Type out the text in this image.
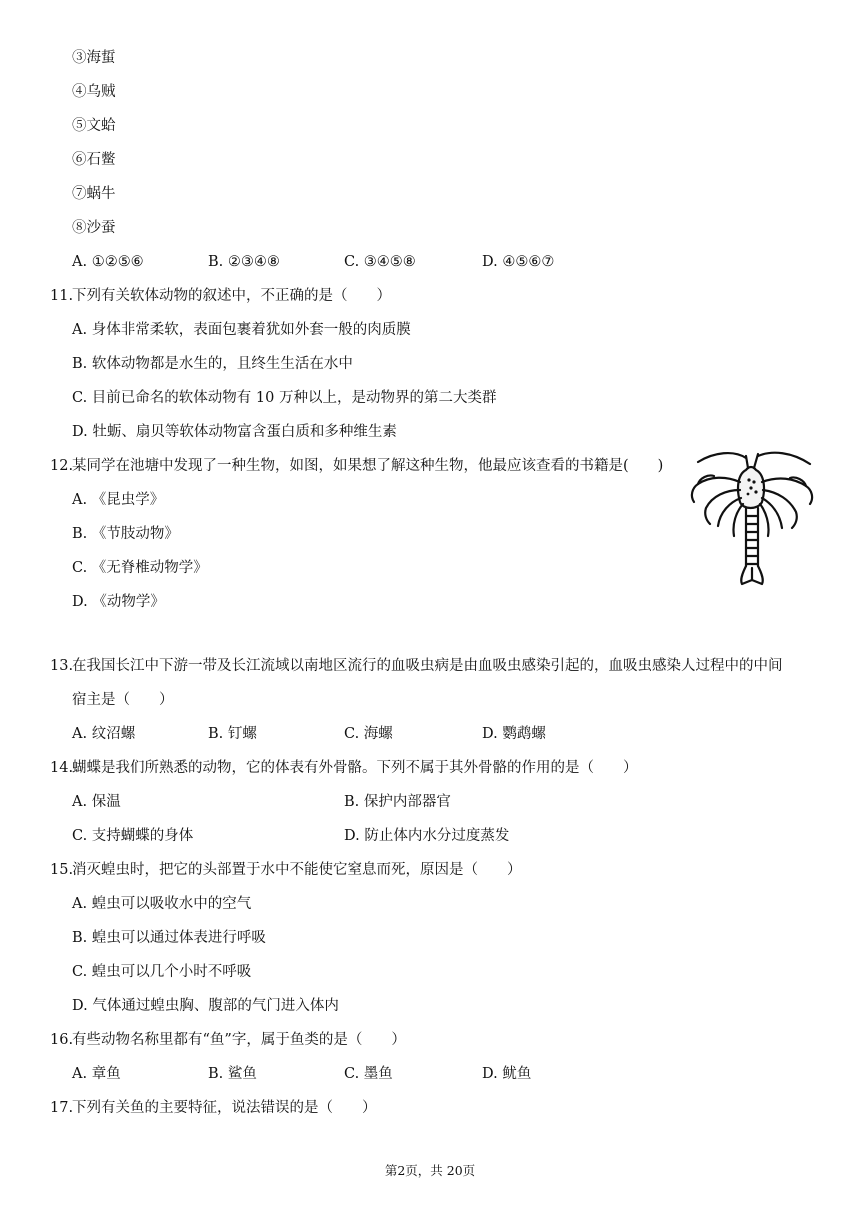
③海蜇
④乌贼
⑤文蛤
⑥石鳖
⑦蜗牛
⑧沙蚕
A. ①②⑤⑥	B. ②③④⑧	C. ③④⑤⑧	D. ④⑤⑥⑦
11.
下列有关软体动物的叙述中，不正确的是（　　）
A. 身体非常柔软，表面包裹着犹如外套一般的肉质膜
B. 软体动物都是水生的，且终生生活在水中
C. 目前已命名的软体动物有 10 万种以上，是动物界的第二大类群
D. 牡蛎、扇贝等软体动物富含蛋白质和多种维生素
12.
某同学在池塘中发现了一种生物，如图，如果想了解这种生物，他最应该查看的书籍是(　　)
A. 《昆虫学》
B. 《节肢动物》
C. 《无脊椎动物学》
D. 《动物学》
13.
在我国长江中下游一带及长江流域以南地区流行的血吸虫病是由血吸虫感染引起的，血吸虫感染人过程中的中间
宿主是（　　）
A. 纹沼螺	B. 钉螺	C. 海螺	D. 鹦鹉螺
14.
蝴蝶是我们所熟悉的动物，它的体表有外骨骼。下列不属于其外骨骼的作用的是（　　）
A. 保温	B. 保护内部器官
C. 支持蝴蝶的身体	D. 防止体内水分过度蒸发
15.
消灭蝗虫时，把它的头部置于水中不能使它窒息而死，原因是（　　）
A. 蝗虫可以吸收水中的空气
B. 蝗虫可以通过体表进行呼吸
C. 蝗虫可以几个小时不呼吸
D. 气体通过蝗虫胸、腹部的气门进入体内
16.
有些动物名称里都有“鱼”字，属于鱼类的是（　　）
A. 章鱼	B. 鲨鱼	C. 墨鱼	D. 鱿鱼
17.
下列有关鱼的主要特征，说法错误的是（　　）
第2页，共 20页
